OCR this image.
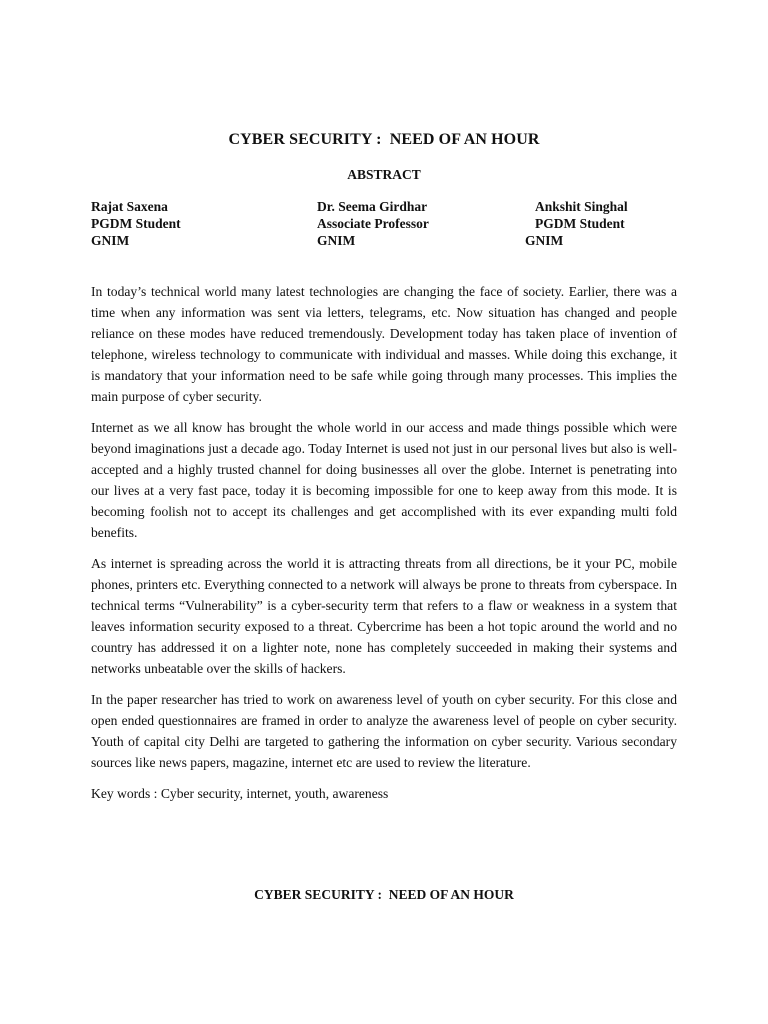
CYBER SECURITY :  NEED OF AN HOUR
ABSTRACT
Rajat Saxena
PGDM Student
GNIM
Dr. Seema Girdhar
Associate Professor
GNIM
Ankshit Singhal
PGDM Student
GNIM

In today’s technical world many latest technologies are changing the face of society. Earlier, there was a time when any information was sent via letters, telegrams, etc. Now situation has changed and people reliance on these modes have reduced tremendously. Development today has taken place of invention of telephone, wireless technology to communicate with individual and masses. While doing this exchange, it is mandatory that your information need to be safe while going through many processes. This implies the main purpose of cyber security.

Internet as we all know has brought the whole world in our access and made things possible which were beyond imaginations just a decade ago. Today Internet is used not just in our personal lives but also is well-accepted and a highly trusted channel for doing businesses all over the globe. Internet is penetrating into our lives at a very fast pace, today it is becoming impossible for one to keep away from this mode. It is becoming foolish not to accept its challenges and get accomplished with its ever expanding multi fold benefits.

As internet is spreading across the world it is attracting threats from all directions, be it your PC, mobile phones, printers etc. Everything connected to a network will always be prone to threats from cyberspace. In technical terms “Vulnerability” is a cyber-security term that refers to a flaw or weakness in a system that leaves information security exposed to a threat. Cybercrime has been a hot topic around the world and no country has addressed it on a lighter note, none has completely succeeded in making their systems and networks unbeatable over the skills of hackers.

In the paper researcher has tried to work on awareness level of youth on cyber security. For this close and open ended questionnaires are framed in order to analyze the awareness level of people on cyber security. Youth of capital city Delhi are targeted to gathering the information on cyber security. Various secondary sources like news papers, magazine, internet etc are used to review the literature.

Key words : Cyber security, internet, youth, awareness

CYBER SECURITY :  NEED OF AN HOUR
